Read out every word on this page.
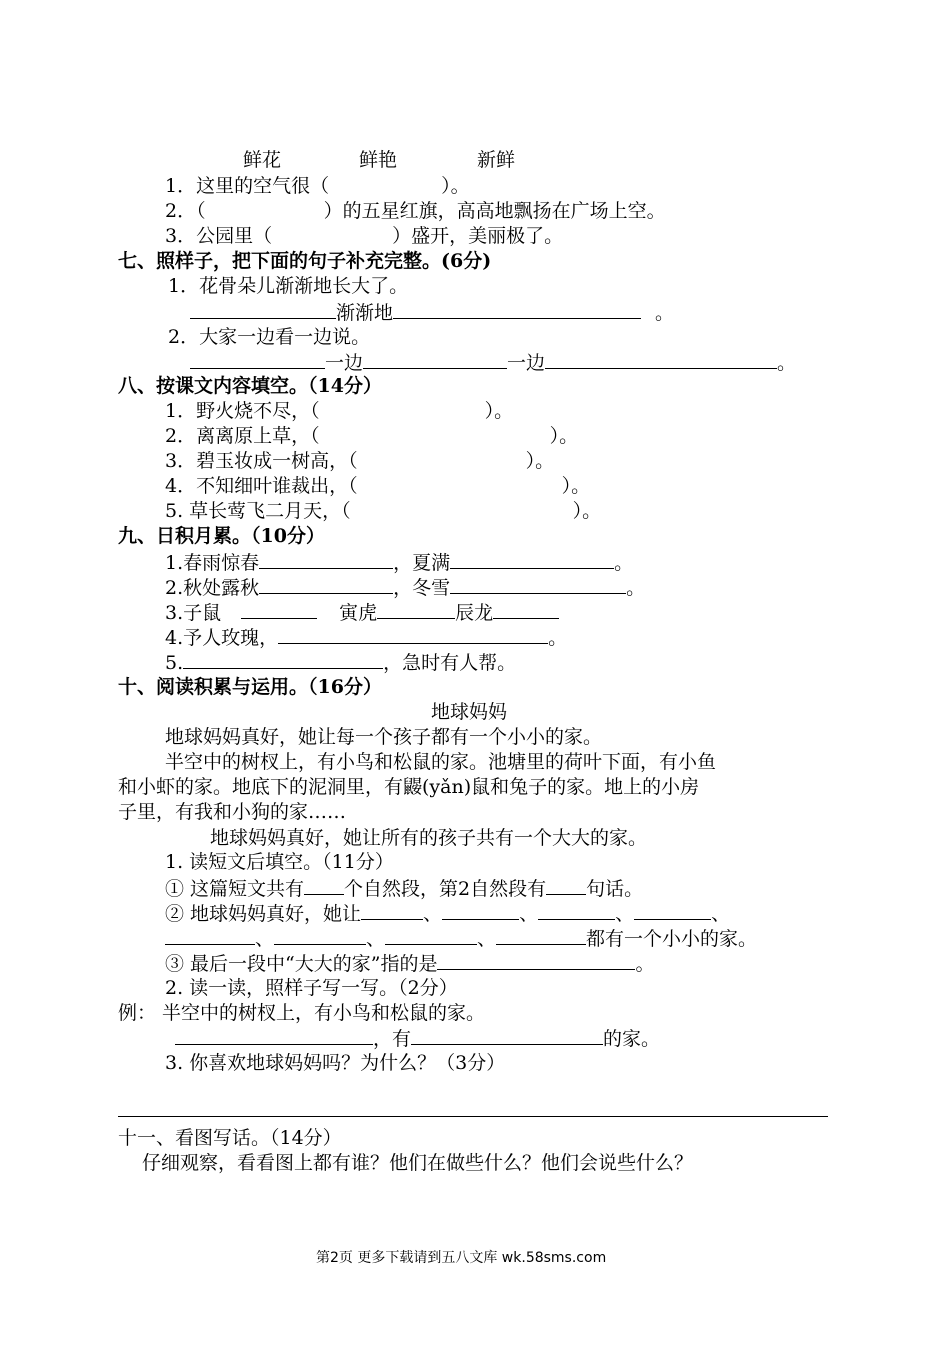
鲜花	鲜艳	新鲜
1．这里的空气很（	）。
2．（	）的五星红旗，高高地飘扬在广场上空。
3．公园里（	）盛开，美丽极了。
七、照样子，把下面的句子补充完整。(6分)
1．花骨朵儿渐渐地长大了。
渐渐地	。
2．大家一边看一边说。
一边	一边	。
八、按课文内容填空。（14分）
1．野火烧不尽，（	）。
2．离离原上草，（	）。
3．碧玉妆成一树高，（	）。
4．不知细叶谁裁出，（	）。
5. 草长莺飞二月天，（	）。
九、日积月累。（10分）
1.春雨惊春	，夏满	。
2.秋处露秋	，冬雪	。
3.子鼠	寅虎	辰龙
4.予人玫瑰，	。
5.	，急时有人帮。
十、阅读积累与运用。（16分）
地球妈妈
地球妈妈真好，她让每一个孩子都有一个小小的家。
半空中的树杈上，有小鸟和松鼠的家。池塘里的荷叶下面，有小鱼
和小虾的家。地底下的泥洞里，有鼹(yǎn)鼠和兔子的家。地上的小房
子里，有我和小狗的家……
地球妈妈真好，她让所有的孩子共有一个大大的家。
1. 读短文后填空。（11分）
① 这篇短文共有 个自然段，第2自然段有 句话。
② 地球妈妈真好，她让	、	、	、	、
、	、	、	都有一个小小的家。
③ 最后一段中“大大的家”指的是	。
2. 读一读，照样子写一写。（2分）
例： 半空中的树杈上，有小鸟和松鼠的家。
，有	的家。
3. 你喜欢地球妈妈吗？为什么？（3分）
十一、看图写话。（14分）
仔细观察，看看图上都有谁？他们在做些什么？他们会说些什么？
第2页 更多下载请到五八文库 wk.58sms.com
